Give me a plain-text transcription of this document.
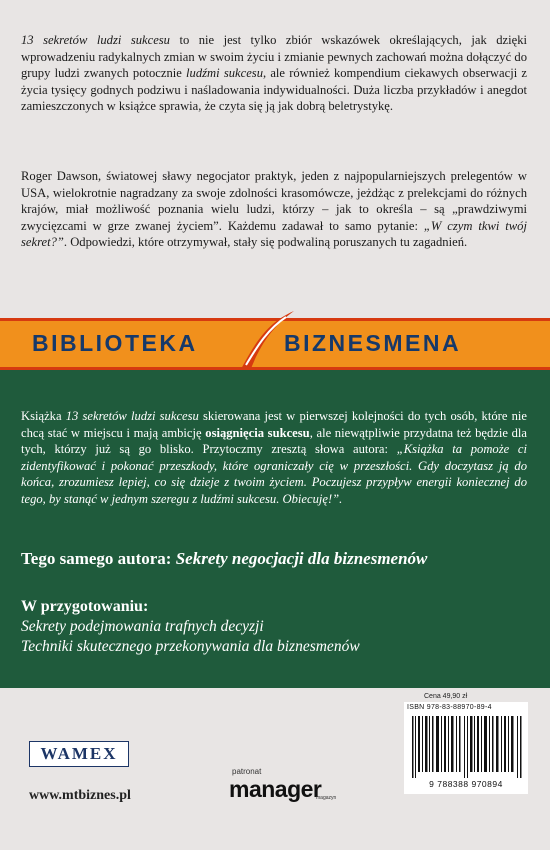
13 sekretów ludzi sukcesu to nie jest tylko zbiór wskazówek określających, jak dzięki wprowadzeniu radykalnych zmian w swoim życiu i zmianie pewnych zachowań można dołączyć do grupy ludzi zwanych potocznie ludźmi sukcesu, ale również kompendium ciekawych obserwacji z życia tysięcy godnych podziwu i naśladowania indywidualności. Duża liczba przykładów i anegdot zamieszczonych w książce sprawia, że czyta się ją jak dobrą beletrystykę.

Roger Dawson, światowej sławy negocjator praktyk, jeden z najpopularniejszych prelegentów w USA, wielokrotnie nagradzany za swoje zdolności krasomówcze, jeżdżąc z prelekcjami do różnych krajów, miał możliwość poznania wielu ludzi, którzy – jak to określa – są „prawdziwymi zwycięzcami w grze zwanej życiem”. Każdemu zadawał to samo pytanie: „W czym tkwi twój sekret?”. Odpowiedzi, które otrzymywał, stały się podwaliną poruszanych tu zagadnień.

BIBLIOTEKA	BIZNESMENA

Książka 13 sekretów ludzi sukcesu skierowana jest w pierwszej kolejności do tych osób, które nie chcą stać w miejscu i mają ambicję osiągnięcia sukcesu, ale niewątpliwie przydatna też będzie dla tych, którzy już są go blisko. Przytoczmy zresztą słowa autora: „Książka ta pomoże ci zidentyfikować i pokonać przeszkody, które ograniczały cię w przeszłości. Gdy doczytasz ją do końca, zrozumiesz lepiej, co się dzieje z twoim życiem. Poczujesz przypływ energii koniecznej do tego, by stanąć w jednym szeregu z ludźmi sukcesu. Obiecuję!”.

Tego samego autora: Sekrety negocjacji dla biznesmenów
W przygotowaniu:
Sekrety podejmowania trafnych decyzji
Techniki skutecznego przekonywania dla biznesmenów
Cena 49,90 zł
ISBN 978-83-88970-89-4
9 788388 970894
WAMEX
www.mtbiznes.pl
patronat
manager
magazyn
